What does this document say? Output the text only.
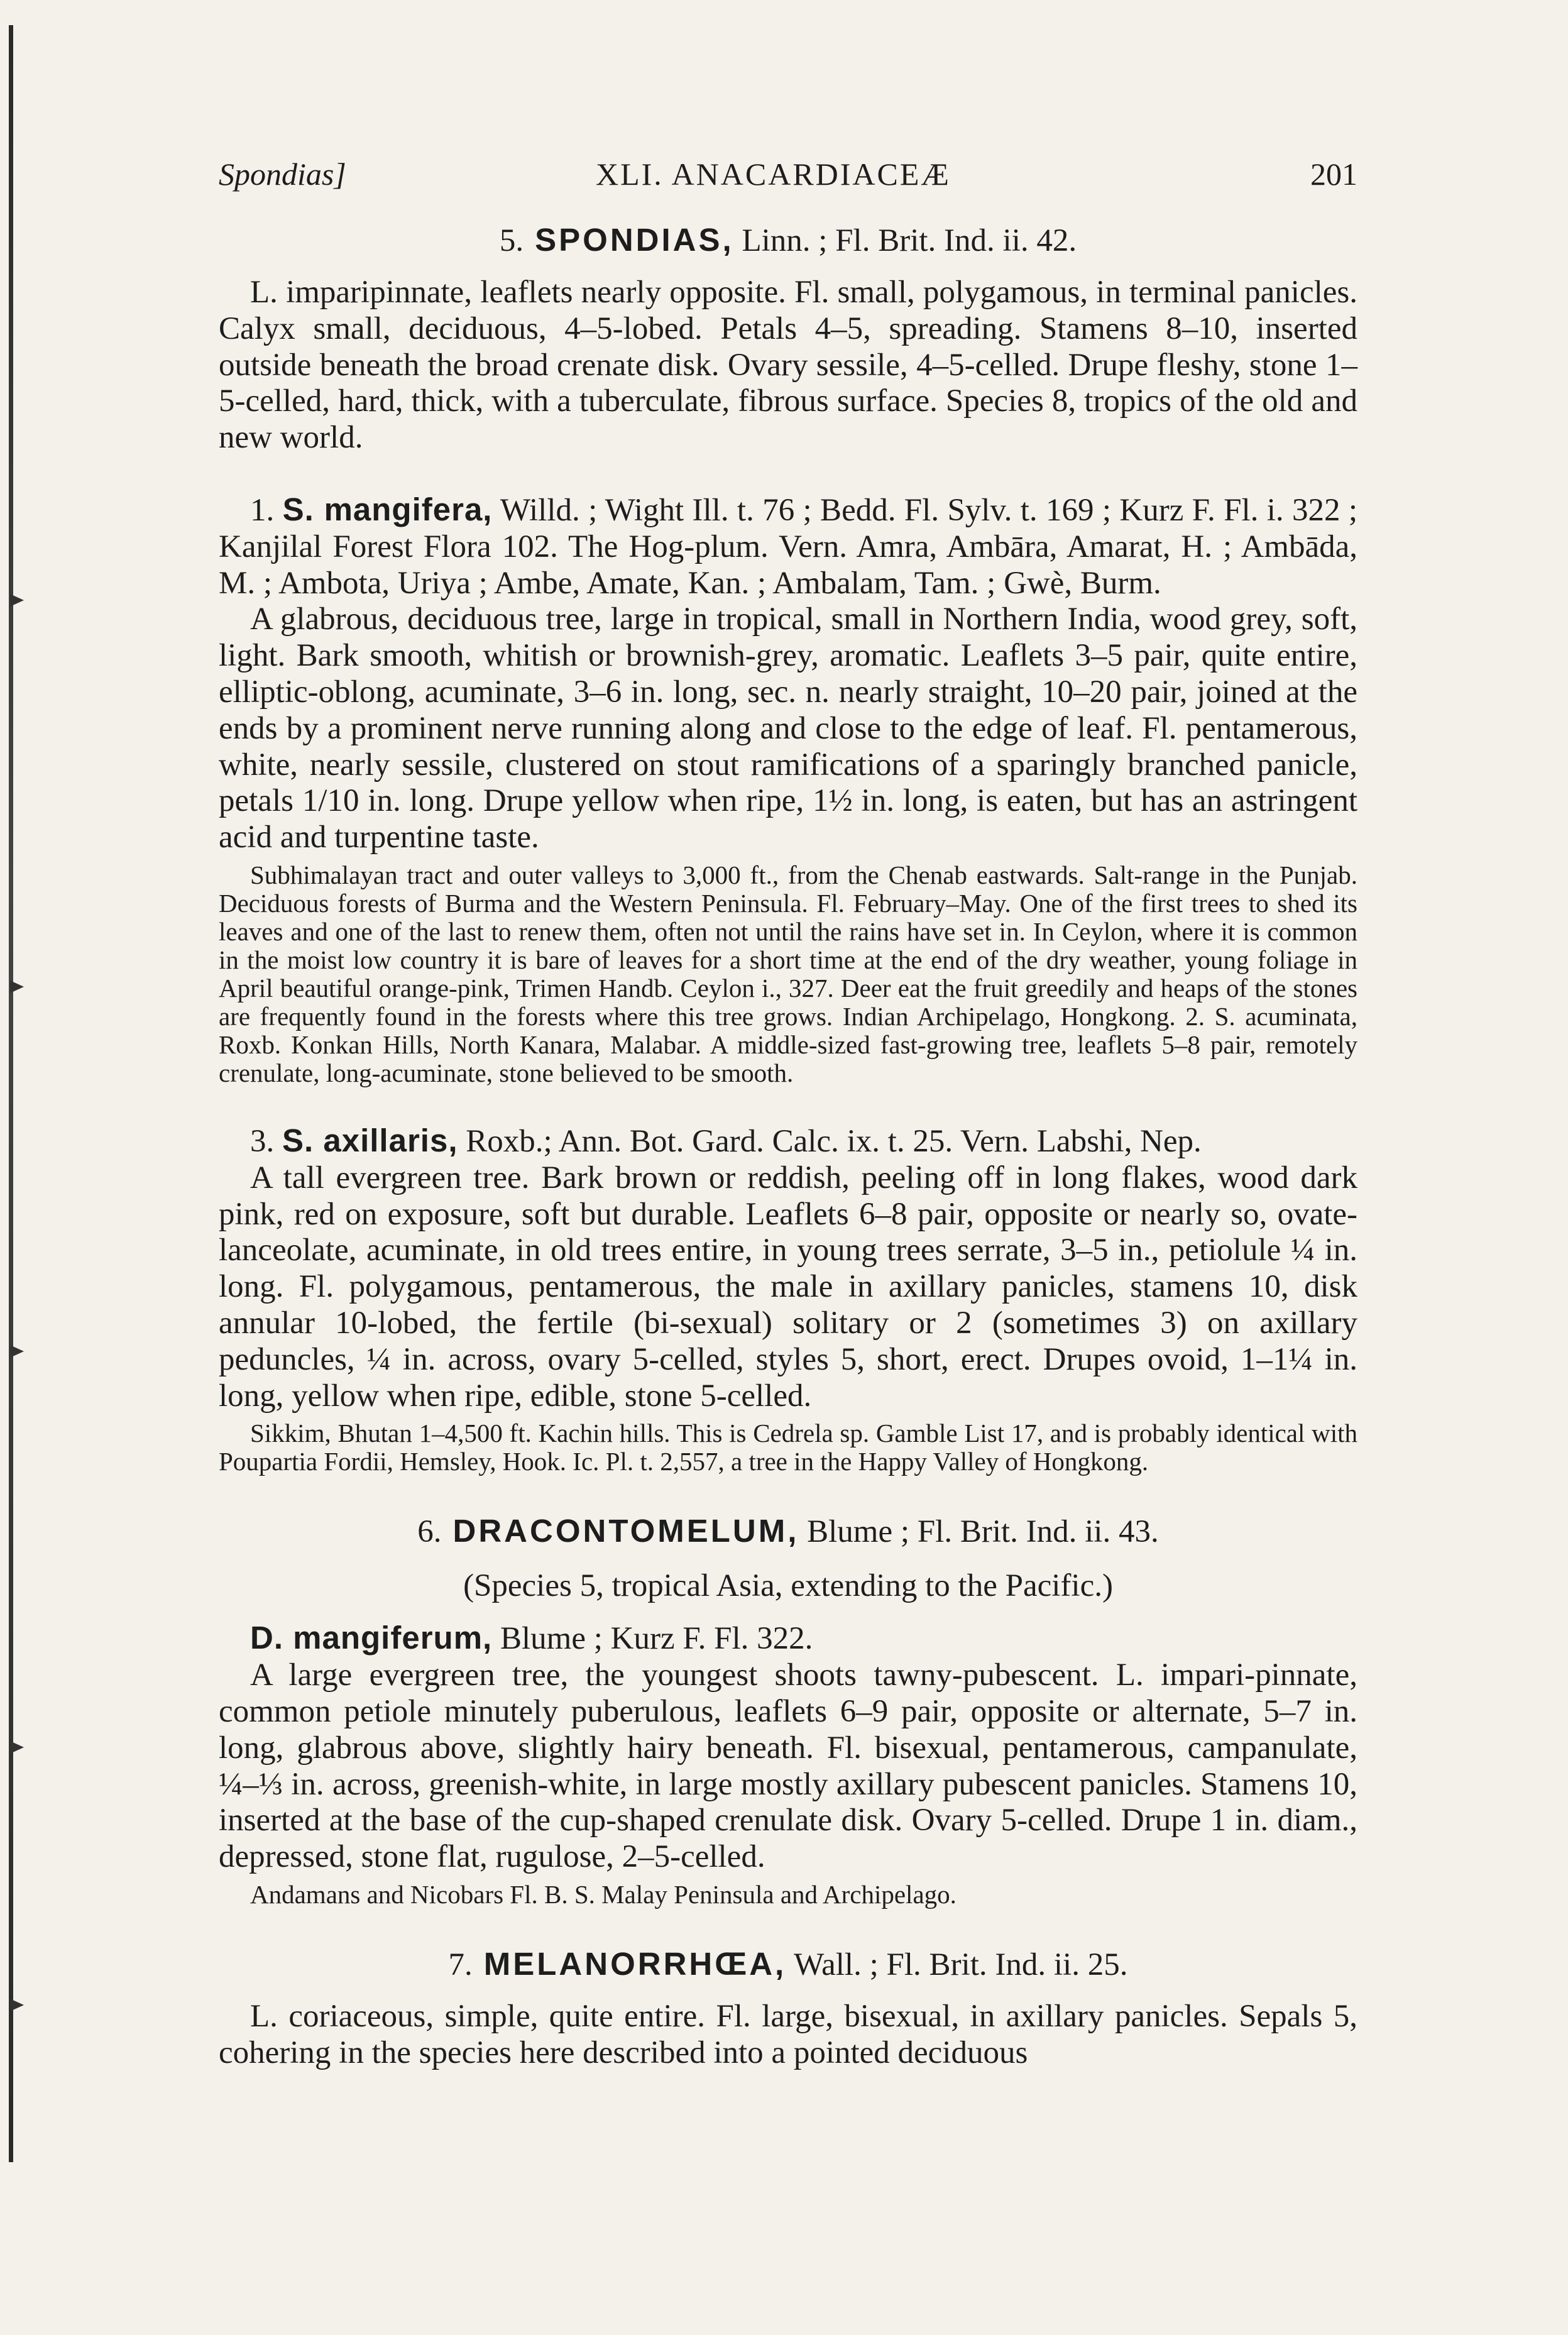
Spondias]	XLI. ANACARDIACEÆ	201
5. SPONDIAS, Linn. ; Fl. Brit. Ind. ii. 42.

L. imparipinnate, leaflets nearly opposite. Fl. small, polygamous, in terminal panicles. Calyx small, deciduous, 4–5-lobed. Petals 4–5, spreading. Stamens 8–10, inserted outside beneath the broad crenate disk. Ovary sessile, 4–5-celled. Drupe fleshy, stone 1–5-celled, hard, thick, with a tuberculate, fibrous surface. Species 8, tropics of the old and new world.

1. S. mangifera, Willd. ; Wight Ill. t. 76 ; Bedd. Fl. Sylv. t. 169 ; Kurz F. Fl. i. 322 ; Kanjilal Forest Flora 102. The Hog-plum. Vern. Amra, Ambāra, Amarat, H. ; Ambāda, M. ; Ambota, Uriya ; Ambe, Amate, Kan. ; Ambalam, Tam. ; Gwè, Burm.

A glabrous, deciduous tree, large in tropical, small in Northern India, wood grey, soft, light. Bark smooth, whitish or brownish-grey, aromatic. Leaflets 3–5 pair, quite entire, elliptic-oblong, acuminate, 3–6 in. long, sec. n. nearly straight, 10–20 pair, joined at the ends by a prominent nerve running along and close to the edge of leaf. Fl. pentamerous, white, nearly sessile, clustered on stout ramifications of a sparingly branched panicle, petals 1/10 in. long. Drupe yellow when ripe, 1½ in. long, is eaten, but has an astringent acid and turpentine taste.

Subhimalayan tract and outer valleys to 3,000 ft., from the Chenab eastwards. Salt-range in the Punjab. Deciduous forests of Burma and the Western Peninsula. Fl. February–May. One of the first trees to shed its leaves and one of the last to renew them, often not until the rains have set in. In Ceylon, where it is common in the moist low country it is bare of leaves for a short time at the end of the dry weather, young foliage in April beautiful orange-pink, Trimen Handb. Ceylon i., 327. Deer eat the fruit greedily and heaps of the stones are frequently found in the forests where this tree grows. Indian Archipelago, Hongkong. 2. S. acuminata, Roxb. Konkan Hills, North Kanara, Malabar. A middle-sized fast-growing tree, leaflets 5–8 pair, remotely crenulate, long-acuminate, stone believed to be smooth.

3. S. axillaris, Roxb.; Ann. Bot. Gard. Calc. ix. t. 25. Vern. Labshi, Nep.

A tall evergreen tree. Bark brown or reddish, peeling off in long flakes, wood dark pink, red on exposure, soft but durable. Leaflets 6–8 pair, opposite or nearly so, ovate-lanceolate, acuminate, in old trees entire, in young trees serrate, 3–5 in., petiolule ¼ in. long. Fl. polygamous, pentamerous, the male in axillary panicles, stamens 10, disk annular 10-lobed, the fertile (bi-sexual) solitary or 2 (sometimes 3) on axillary peduncles, ¼ in. across, ovary 5-celled, styles 5, short, erect. Drupes ovoid, 1–1¼ in. long, yellow when ripe, edible, stone 5-celled.

Sikkim, Bhutan 1–4,500 ft. Kachin hills. This is Cedrela sp. Gamble List 17, and is probably identical with Poupartia Fordii, Hemsley, Hook. Ic. Pl. t. 2,557, a tree in the Happy Valley of Hongkong.

6. DRACONTOMELUM, Blume ; Fl. Brit. Ind. ii. 43.
(Species 5, tropical Asia, extending to the Pacific.)

D. mangiferum, Blume ; Kurz F. Fl. 322.

A large evergreen tree, the youngest shoots tawny-pubescent. L. impari-pinnate, common petiole minutely puberulous, leaflets 6–9 pair, opposite or alternate, 5–7 in. long, glabrous above, slightly hairy beneath. Fl. bisexual, pentamerous, campanulate, ¼–⅓ in. across, greenish-white, in large mostly axillary pubescent panicles. Stamens 10, inserted at the base of the cup-shaped crenulate disk. Ovary 5-celled. Drupe 1 in. diam., depressed, stone flat, rugulose, 2–5-celled.

Andamans and Nicobars Fl. B. S. Malay Peninsula and Archipelago.

7. MELANORRHŒA, Wall. ; Fl. Brit. Ind. ii. 25.

L. coriaceous, simple, quite entire. Fl. large, bisexual, in axillary panicles. Sepals 5, cohering in the species here described into a pointed deciduous
